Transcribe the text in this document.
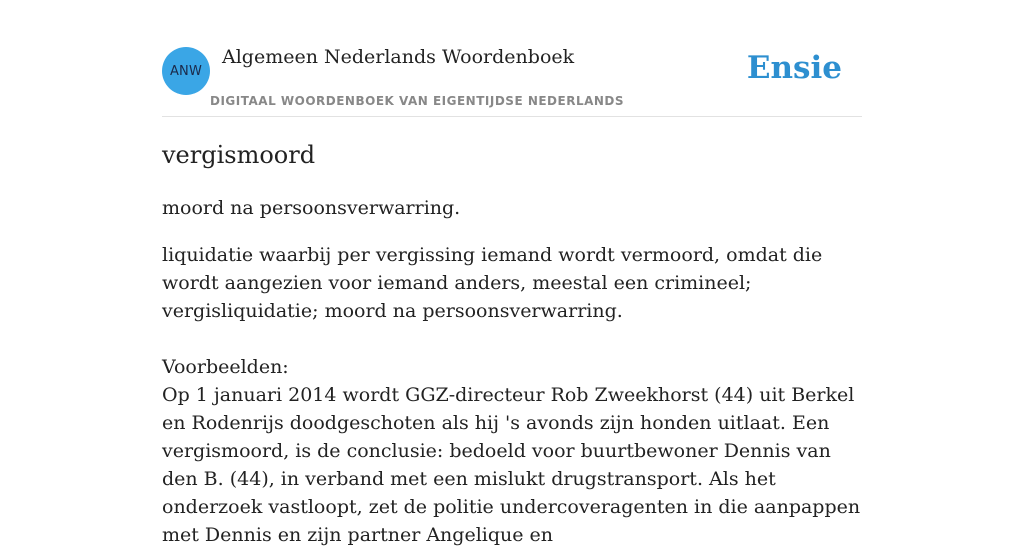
ANW
Algemeen Nederlands Woordenboek
DIGITAAL WOORDENBOEK VAN EIGENTIJDSE NEDERLANDS
Ensie
vergismoord

moord na persoonsverwarring.

liquidatie waarbij per vergissing iemand wordt vermoord, omdat die wordt aangezien voor iemand anders, meestal een crimineel; vergisliquidatie; moord na persoonsverwarring.

Voorbeelden:

Op 1 januari 2014 wordt GGZ-directeur Rob Zweekhorst (44) uit Berkel en Rodenrijs doodgeschoten als hij 's avonds zijn honden uitlaat. Een vergismoord, is de conclusie: bedoeld voor buurtbewoner Dennis van den B. (44), in verband met een mislukt drugstransport. Als het onderzoek vastloopt, zet de politie undercoveragenten in die aanpappen met Dennis en zijn partner Angelique en
